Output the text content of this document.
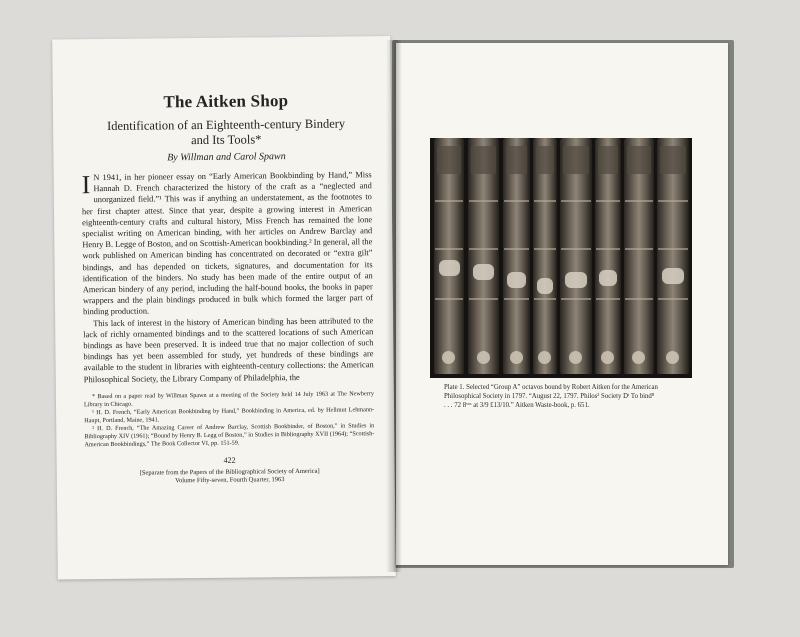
The Aitken Shop
Identification of an Eighteenth-century Bindery
and Its Tools*
By Willman and Carol Spawn

I N 1941, in her pioneer essay on “Early American Bookbinding by Hand,” Miss Hannah D. French characterized the history of the craft as a “neglected and unorganized field.”¹ This was if anything an understatement, as the footnotes to her first chapter attest. Since that year, despite a growing interest in American eighteenth-century crafts and cultural history, Miss French has remained the lone specialist writing on American binding, with her articles on Andrew Barclay and Henry B. Legge of Boston, and on Scottish-American bookbinding.² In general, all the work published on American binding has concentrated on decorated or “extra gilt” bindings, and has depended on tickets, signatures, and documentation for its identification of the binders. No study has been made of the entire output of an American bindery of any period, including the half-bound books, the books in paper wrappers and the plain bindings produced in bulk which formed the larger part of binding production.

This lack of interest in the history of American binding has been attributed to the lack of richly ornamented bindings and to the scattered locations of such American bindings as have been preserved. It is indeed true that no major collection of such bindings has yet been assembled for study, yet hundreds of these bindings are available to the student in libraries with eighteenth-century collections: the American Philosophical Society, the Library Company of Philadelphia, the

* Based on a paper read by Willman Spawn at a meeting of the Society held 14 July 1963 at The Newberry Library in Chicago.

¹ H. D. French, “Early American Bookbinding by Hand,” Bookbinding in America, ed. by Hellmut Lehmann-Haupt, Portland, Maine, 1941.

² H. D. French, “The Amazing Career of Andrew Barclay, Scottish Bookbinder, of Boston,” in Studies in Bibliography XIV (1961); “Bound by Henry B. Legg of Boston,” in Studies in Bibliography XVII (1964); “Scottish-American Bookbindings,” The Book Collector VI, pp. 151-59.

422
[Separate from the Papers of the Bibliographical Society of America]
Volume Fifty-seven, Fourth Quarter, 1963
Plate 1. Selected “Group A” octavos bound by Robert Aitken for the American
Philosophical Society in 1797. “August 22, 1797. Philos² Society Dᵗ To bind⁸
. . . 72 8ᵛᵒˢ at 3/9 £13/10.” Aitken Waste-book, p. 651.
